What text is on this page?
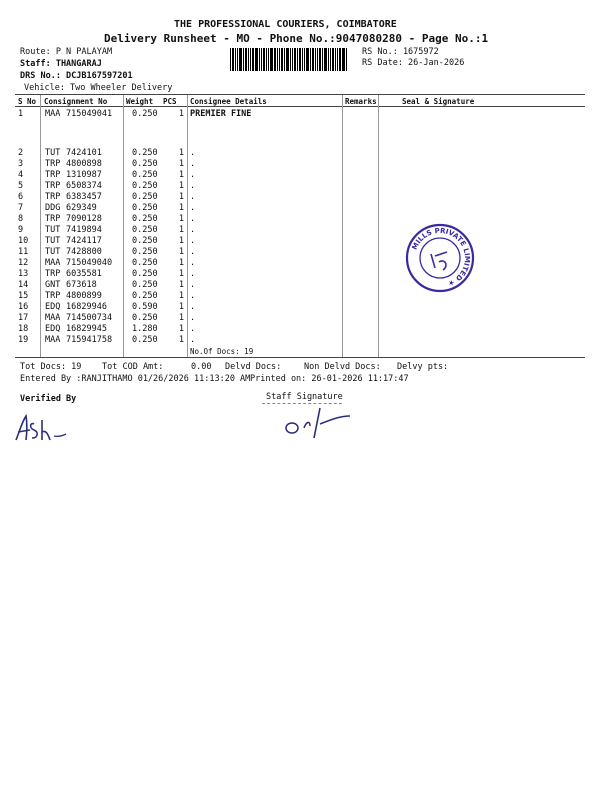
THE PROFESSIONAL COURIERS, COIMBATORE
Delivery Runsheet - MO - Phone No.:9047080280 - Page No.:1
Route: P N PALAYAM
Staff: THANGARAJ
DRS No.: DCJB167597201
Vehicle: Two Wheeler Delivery
RS No.: 1675972
RS Date: 26-Jan-2026
S No Consignment No	Weight PCS Consignee Details	Remarks	Seal & Signature
1	MAA 715049041 0.250	1 PREMIER FINE
2	TUT 7424101	0.250	1 .
3	TRP 4800898	0.250	1 .
4	TRP 1310987	0.250	1 .
5	TRP 6508374	0.250	1 .
6	TRP 6383457	0.250	1 .
7	DDG 629349	0.250	1 .
8	TRP 7090128	0.250	1 .
9	TUT 7419894	0.250	1 .
10 TUT 7424117	0.250	1 .
11 TUT 7428800	0.250	1 .
12 MAA 715049040 0.250	1 .
13 TRP 6035581	0.250	1 .
14 GNT 673618	0.250	1 .
15 TRP 4800899	0.250	1 .
16 EDQ 16829946	0.590	1 .
17 MAA 714500734 0.250	1 .
18 EDQ 16829945	1.280	1 .
19 MAA 715941758 0.250	1 .
No.Of Docs: 19
Tot Docs: 19 Tot COD Amt:	0.00 Delvd Docs:	Non Delvd Docs: Delvy pts:
Entered By :RANJITHAMO 01/26/2026 11:13:20 AM Printed on: 26-01-2026 11:17:47
Verified By	Staff Signature
MILLS PRIVATE LIMITED ★
